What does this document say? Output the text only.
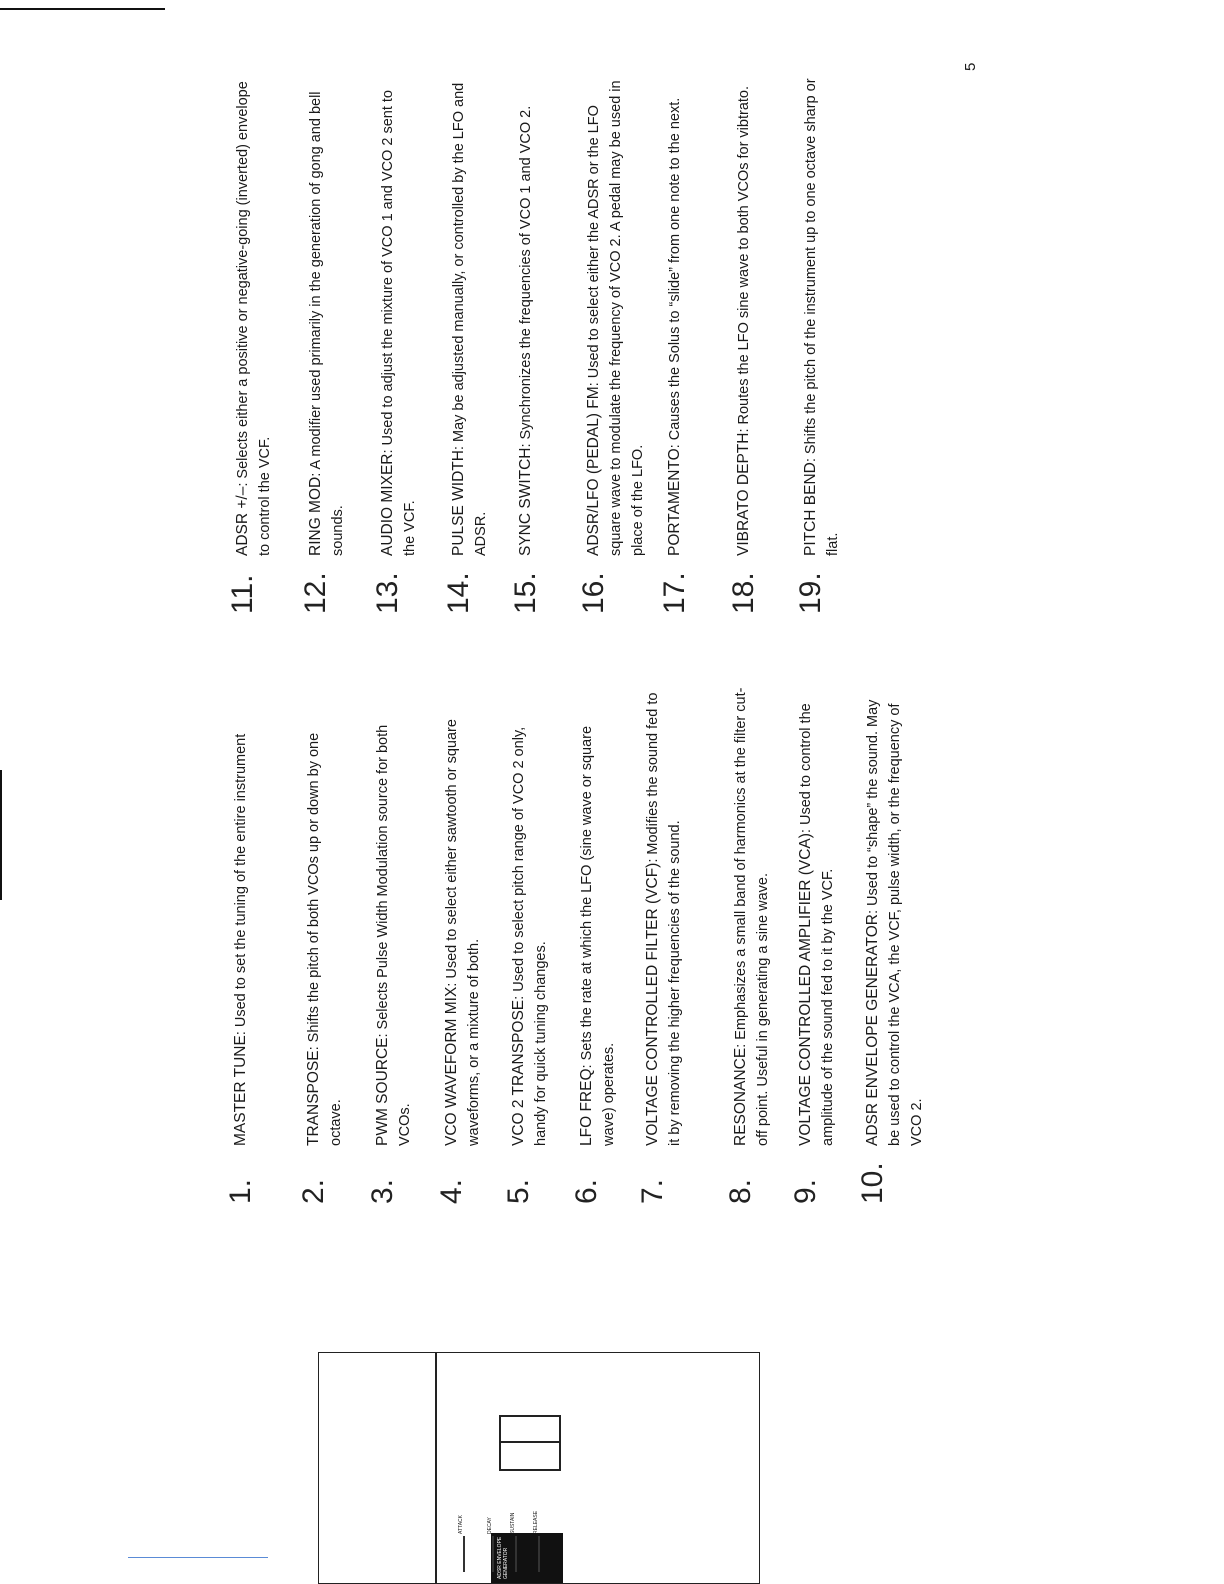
1.
MASTER TUNE: Used to set the tuning of the entire instrument
2.
TRANSPOSE: Shifts the pitch of both VCOs up or down by one octave.
3.
PWM SOURCE: Selects Pulse Width Modulation source for both VCOs.
4.
VCO WAVEFORM MIX: Used to select either sawtooth or square waveforms, or a mixture of both.
5.
VCO 2 TRANSPOSE: Used to select pitch range of VCO 2 only, handy for quick tuning changes.
6.
LFO FREQ: Sets the rate at which the LFO (sine wave or square wave) operates.
7.
VOLTAGE CONTROLLED FILTER (VCF): Modifies the sound fed to it by removing the higher frequencies of the sound.
8.
RESONANCE: Emphasizes a small band of harmonics at the filter cut-off point. Useful in generating a sine wave.
9.
VOLTAGE CONTROLLED AMPLIFIER (VCA): Used to control the amplitude of the sound fed to it by the VCF.
10.
ADSR ENVELOPE GENERATOR: Used to “shape” the sound. May be used to control the VCA, the VCF, pulse width, or the frequency of VCO 2.
11.
ADSR +/–: Selects either a positive or negative-going (inverted) envelope to control the VCF.
12.
RING MOD: A modifier used primarily in the generation of gong and bell sounds.
13.
AUDIO MIXER: Used to adjust the mixture of VCO 1 and VCO 2 sent to the VCF.
14.
PULSE WIDTH: May be adjusted manually, or controlled by the LFO and ADSR.
15.
SYNC SWITCH: Synchronizes the frequencies of VCO 1 and VCO 2.
16.
ADSR/LFO (PEDAL) FM: Used to select either the ADSR or the LFO square wave to modulate the frequency of VCO 2. A pedal may be used in place of the LFO.
17.
PORTAMENTO: Causes the Solus to “slide” from one note to the next.
18.
VIBRATO DEPTH: Routes the LFO sine wave to both VCOs for vibtrato.
19.
PITCH BEND: Shifts the pitch of the instrument up to one octave sharp or flat.
5
ADSR ENVELOPE GENERATOR
ATTACK	DECAY	SUSTAIN	RELEASE
